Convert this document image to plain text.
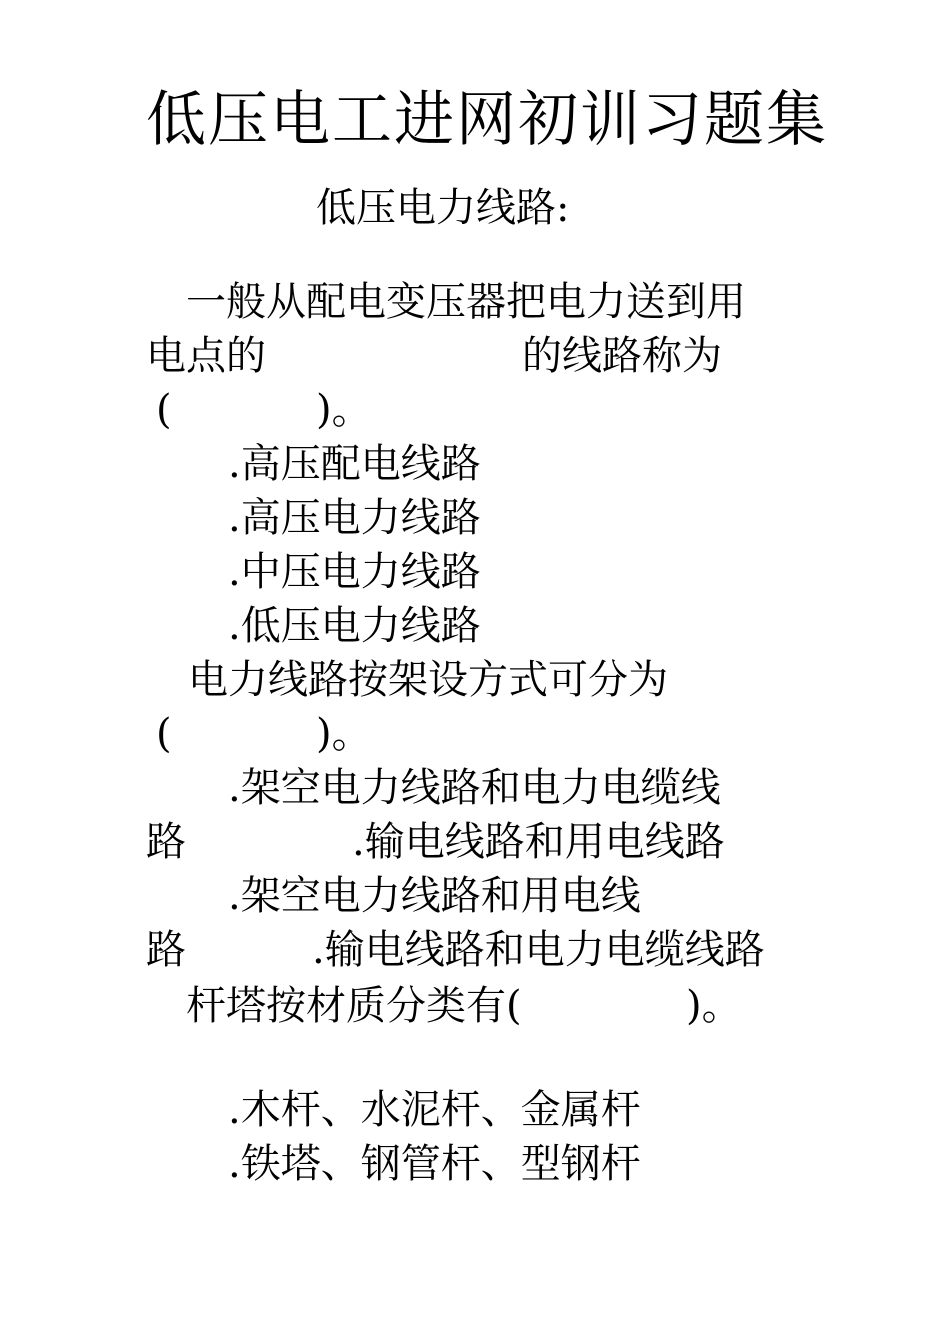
低压电工进网初训习题集
低压电力线路:
一般从配电变压器把电力送到用
电点的	的线路称为
(	)。
.高压配电线路
.高压电力线路
.中压电力线路
.低压电力线路
电力线路按架设方式可分为
(	)。
.架空电力线路和电力电缆线
路	.输电线路和用电线路
.架空电力线路和用电线
路	.输电线路和电力电缆线路
杆塔按材质分类有(	)。
.木杆、水泥杆、金属杆
.铁塔、钢管杆、型钢杆
